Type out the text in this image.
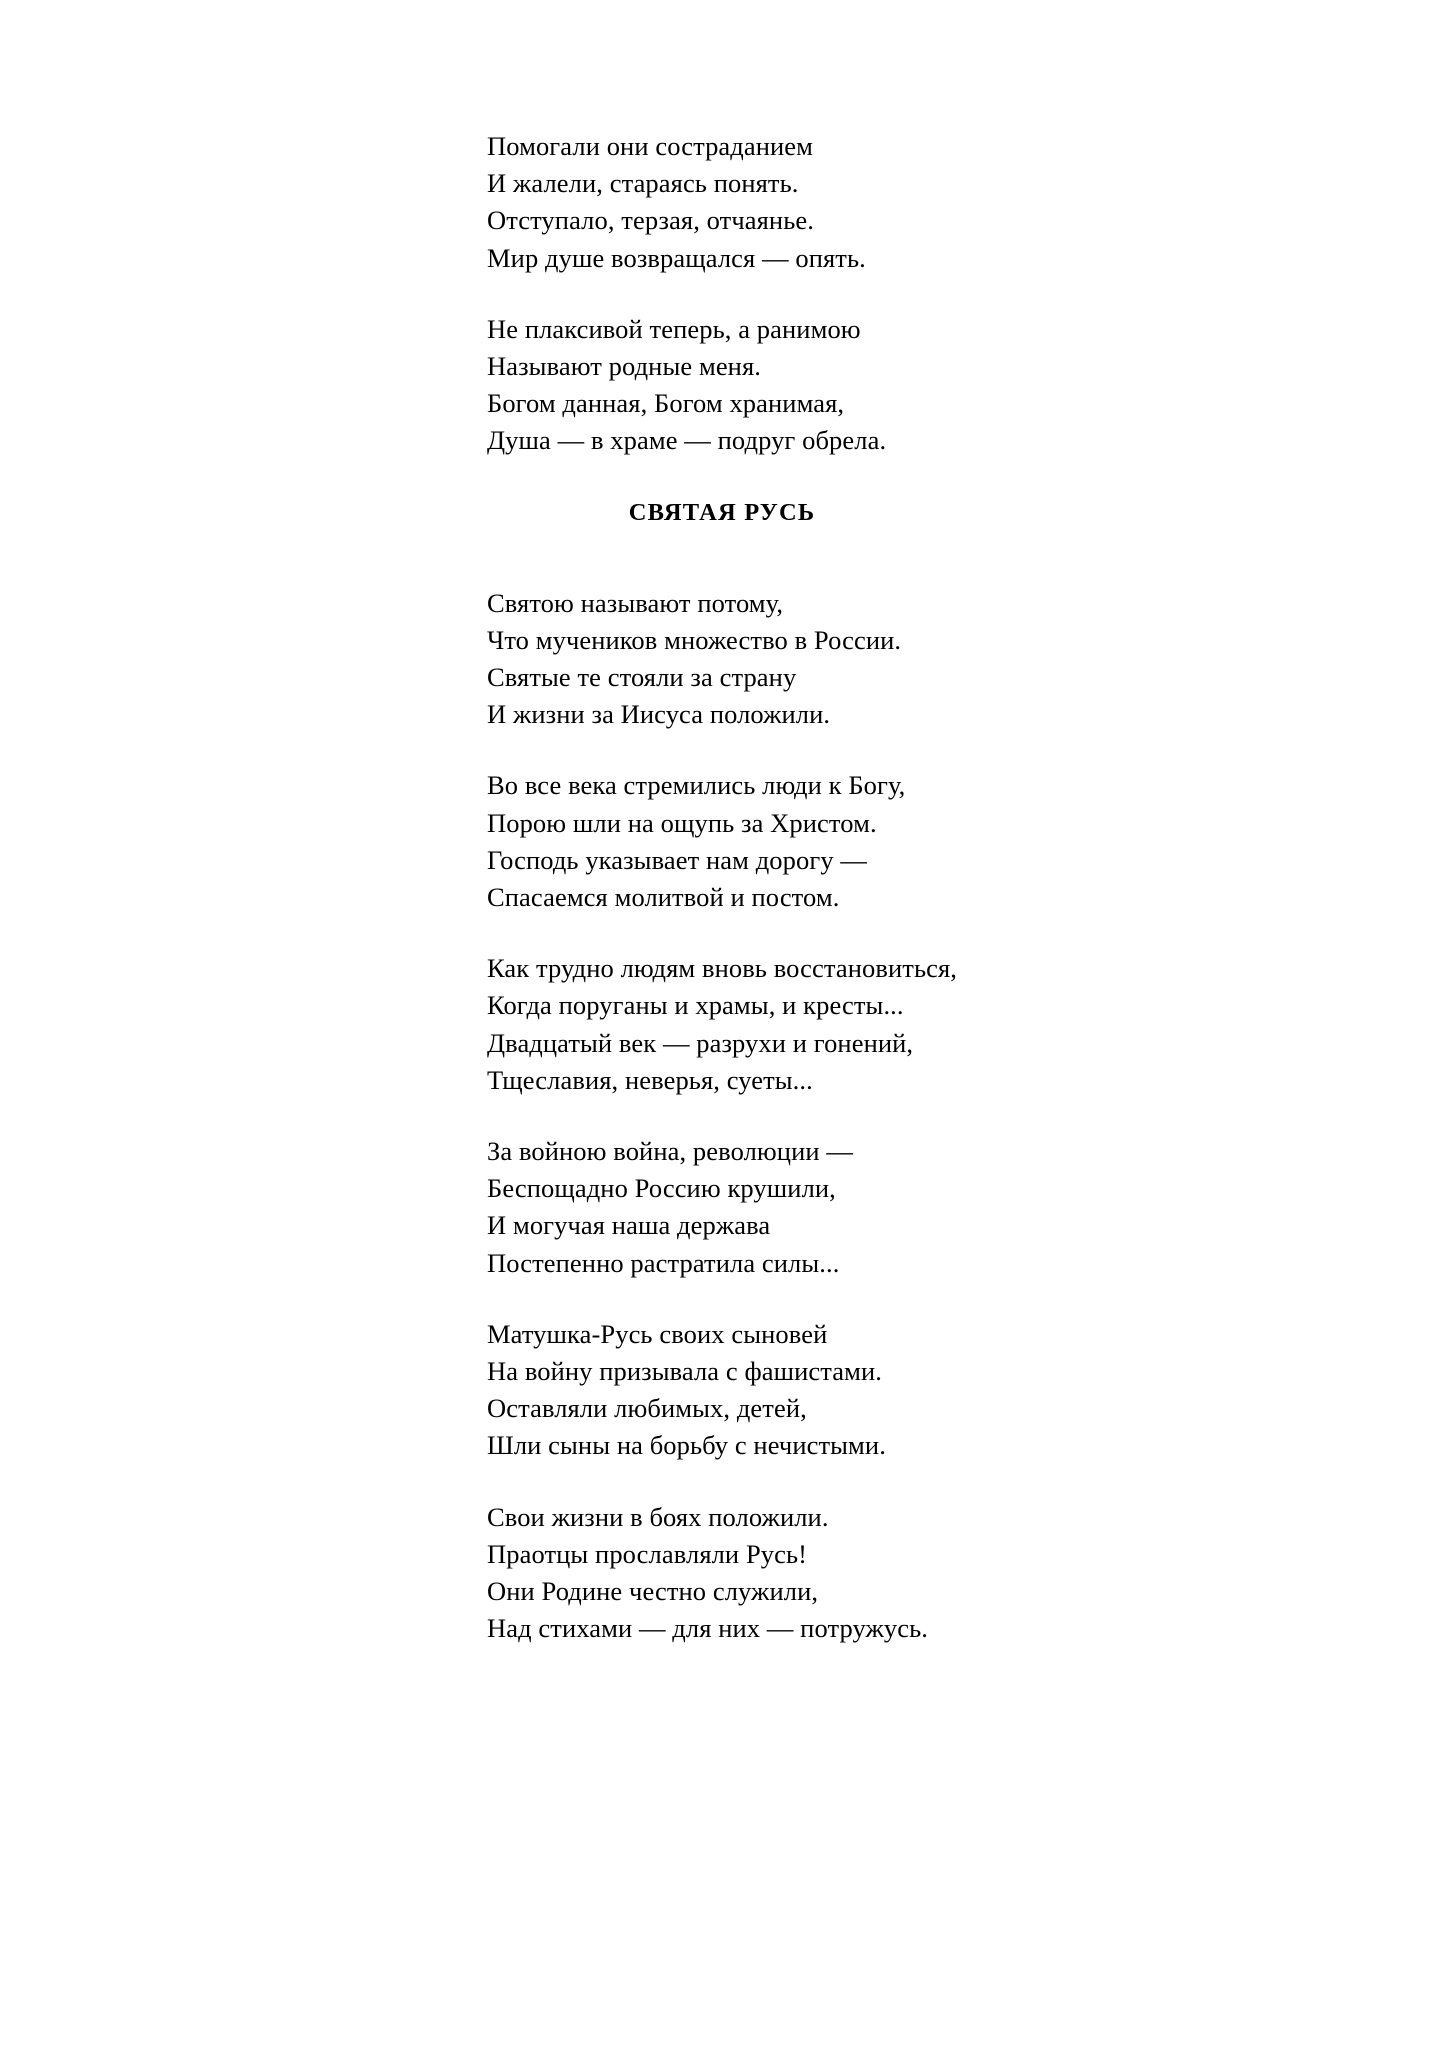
Помогали они состраданием
И жалели, стараясь понять.
Отступало, терзая, отчаянье.
Мир душе возвращался — опять.
Не плаксивой теперь, а ранимою
Называют родные меня.
Богом данная, Богом хранимая,
Душа — в храме — подруг обрела.
СВЯТАЯ РУСЬ
Святою называют потому,
Что мучеников множество в России.
Святые те стояли за страну
И жизни за Иисуса положили.
Во все века стремились люди к Богу,
Порою шли на ощупь за Христом.
Господь указывает нам дорогу —
Спасаемся молитвой и постом.
Как трудно людям вновь восстановиться,
Когда поруганы и храмы, и кресты...
Двадцатый век — разрухи и гонений,
Тщеславия, неверья, суеты...
За войною война, революции —
Беспощадно Россию крушили,
И могучая наша держава
Постепенно растратила силы...
Матушка-Русь своих сыновей
На войну призывала с фашистами.
Оставляли любимых, детей,
Шли сыны на борьбу с нечистыми.
Свои жизни в боях положили.
Праотцы прославляли Русь!
Они Родине честно служили,
Над стихами — для них — потружусь.
